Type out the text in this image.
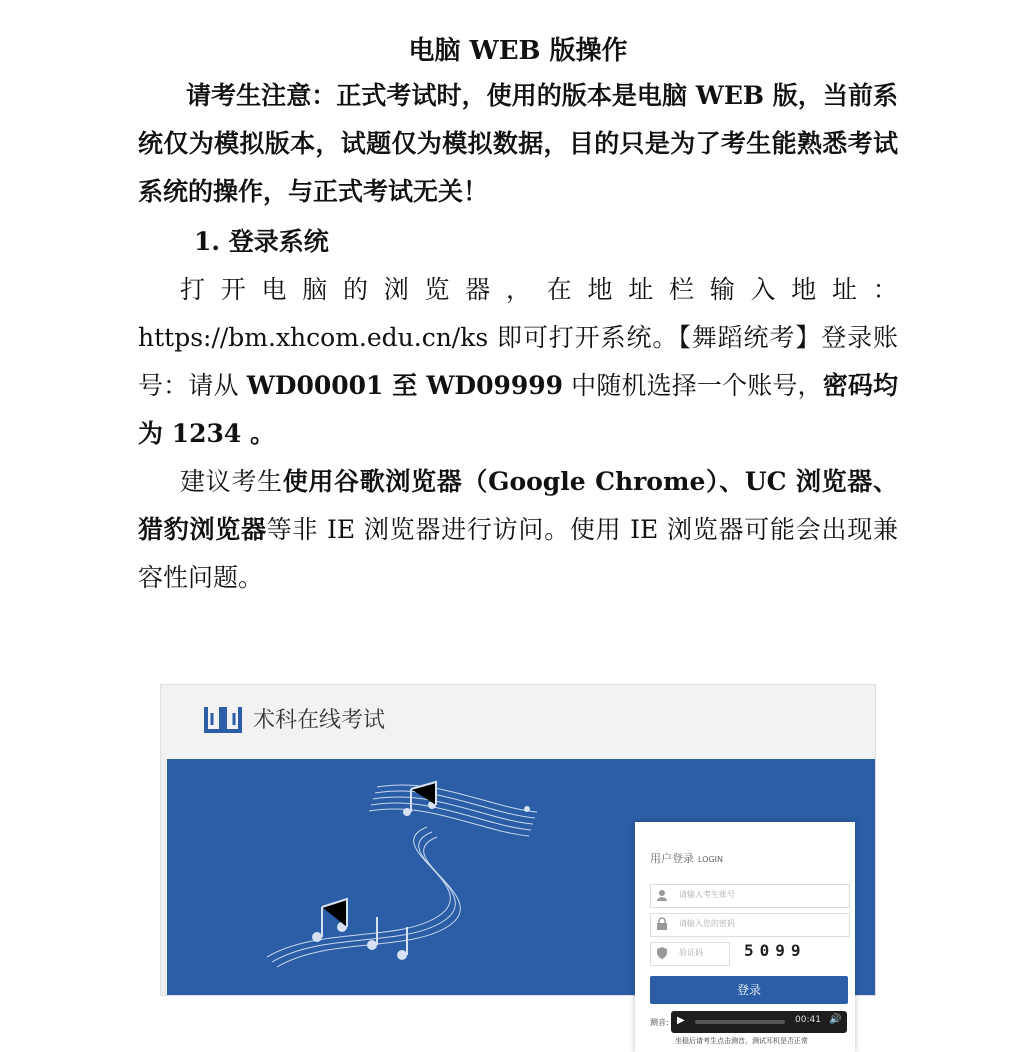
电脑 WEB 版操作
请考生注意：正式考试时，使用的版本是电脑 WEB 版，当前系统仅为模拟版本，试题仅为模拟数据，目的只是为了考生能熟悉考试系统的操作，与正式考试无关！
1. 登录系统
打 开 电 脑 的 浏 览 器 ， 在 地 址 栏 输 入 地 址 ：
https://bm.xhcom.edu.cn/ks 即可打开系统。【舞蹈统考】登录账号：请从 WD00001 至 WD09999 中随机选择一个账号，密码均为 1234 。
建议考生使用谷歌浏览器（Google Chrome）、UC 浏览器、猎豹浏览器等非 IE 浏览器进行访问。使用 IE 浏览器可能会出现兼容性问题。
术科在线考试
用户登录 LOGIN
请输入考生账号
请输入您的密码
验证码	5099
登录
测音: ▶	00:41 🔊
坐稳后请考生点击测音，测试耳机是否正常
